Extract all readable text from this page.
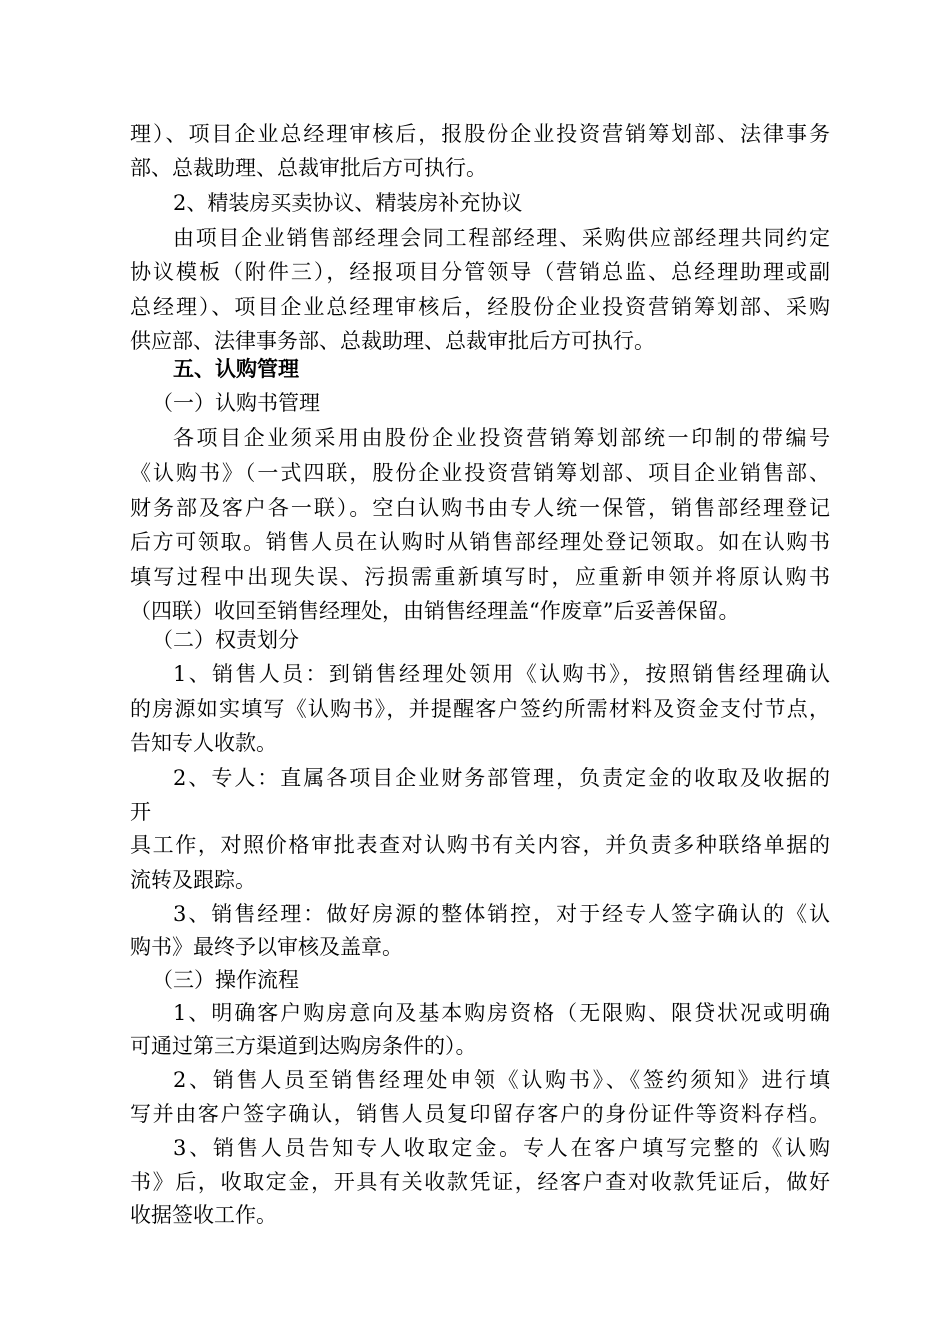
理）、项目企业总经理审核后，报股份企业投资营销筹划部、法律事务
部、总裁助理、总裁审批后方可执行。
2、精装房买卖协议、精装房补充协议
由项目企业销售部经理会同工程部经理、采购供应部经理共同约定
协议模板（附件三），经报项目分管领导（营销总监、总经理助理或副
总经理）、项目企业总经理审核后，经股份企业投资营销筹划部、采购
供应部、法律事务部、总裁助理、总裁审批后方可执行。
五、认购管理
（一）认购书管理
各项目企业须采用由股份企业投资营销筹划部统一印制的带编号
《认购书》（一式四联，股份企业投资营销筹划部、项目企业销售部、
财务部及客户各一联）。空白认购书由专人统一保管，销售部经理登记
后方可领取。销售人员在认购时从销售部经理处登记领取。如在认购书
填写过程中出现失误、污损需重新填写时，应重新申领并将原认购书
（四联）收回至销售经理处，由销售经理盖“作废章”后妥善保留。
（二）权责划分
1、销售人员：到销售经理处领用《认购书》，按照销售经理确认
的房源如实填写《认购书》，并提醒客户签约所需材料及资金支付节点，
告知专人收款。
2、专人：直属各项目企业财务部管理，负责定金的收取及收据的
开
具工作，对照价格审批表查对认购书有关内容，并负责多种联络单据的
流转及跟踪。
3、销售经理：做好房源的整体销控，对于经专人签字确认的《认
购书》最终予以审核及盖章。
（三）操作流程
1、明确客户购房意向及基本购房资格（无限购、限贷状况或明确
可通过第三方渠道到达购房条件的）。
2、销售人员至销售经理处申领《认购书》、《签约须知》进行填
写并由客户签字确认，销售人员复印留存客户的身份证件等资料存档。
3、销售人员告知专人收取定金。专人在客户填写完整的《认购
书》后，收取定金，开具有关收款凭证，经客户查对收款凭证后，做好
收据签收工作。
